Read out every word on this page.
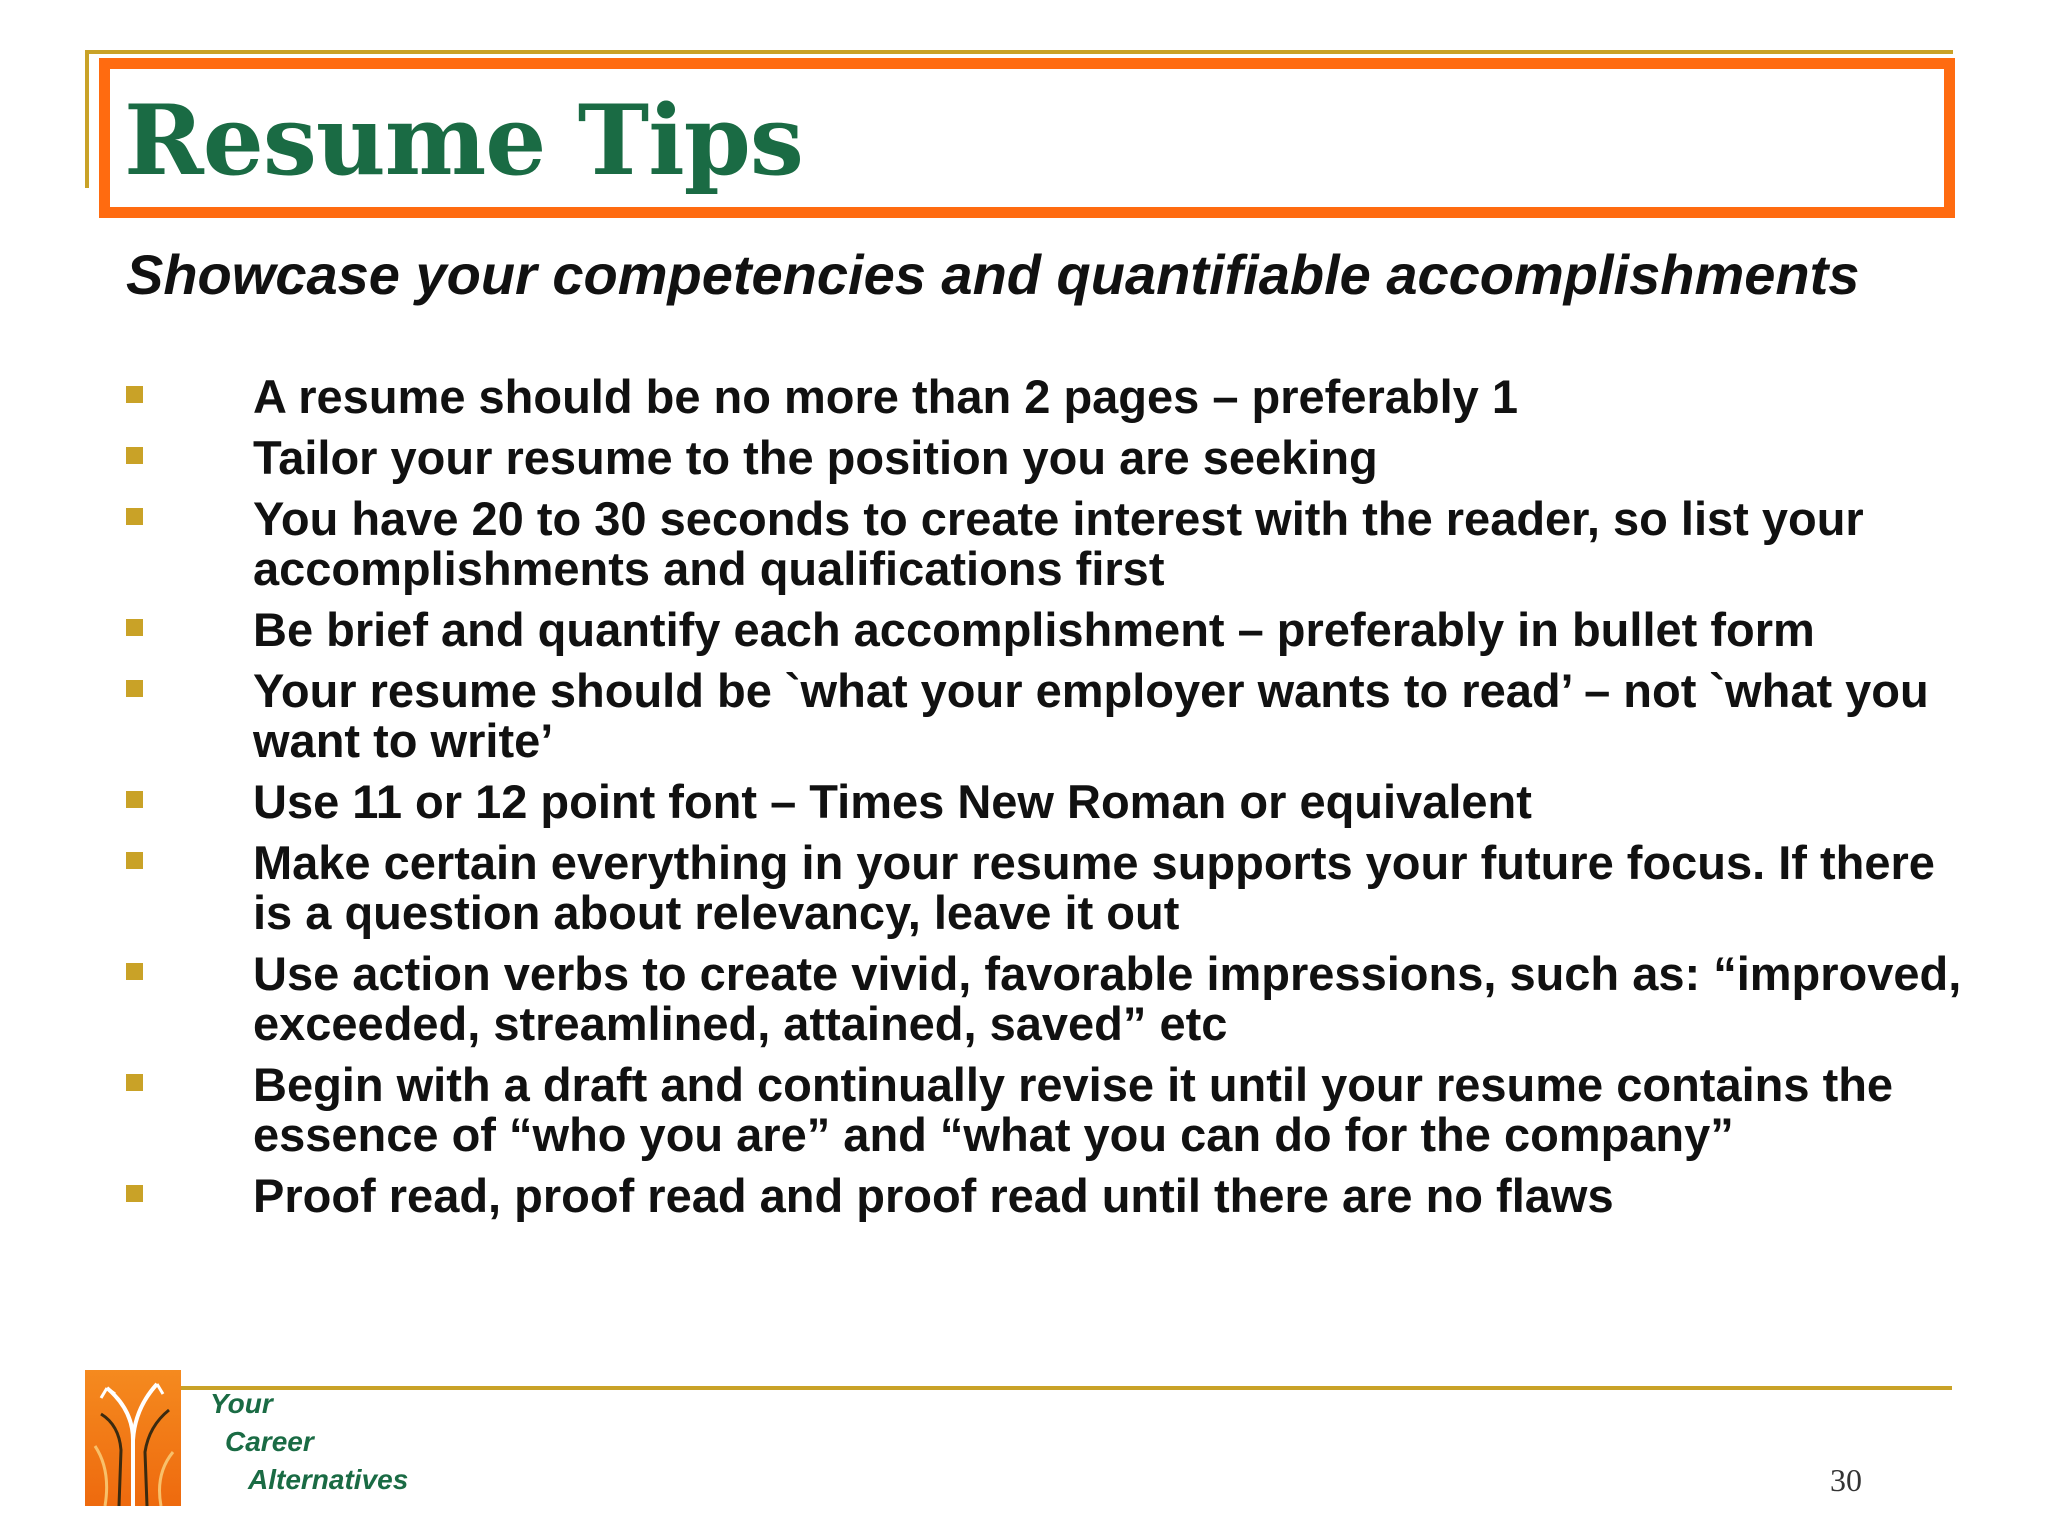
Resume Tips
Showcase your competencies and quantifiable accomplishments
A resume should be no more than 2 pages – preferably 1
Tailor your resume to the position you are seeking
You have 20 to 30 seconds to create interest with the reader, so list your accomplishments and qualifications first
Be brief and quantify each accomplishment – preferably in bullet form
Your resume should be `what your employer wants to read’ – not `what you want to write’
Use 11 or 12 point font – Times New Roman or equivalent
Make certain everything in your resume supports your future focus. If there is a question about relevancy, leave it out
Use action verbs to create vivid, favorable impressions, such as: “improved, exceeded, streamlined, attained, saved” etc
Begin with a draft and continually revise it until your resume contains the essence of “who you are” and “what you can do for the company”
Proof read, proof read and proof read until there are no flaws
Your
Career
Alternatives	30
